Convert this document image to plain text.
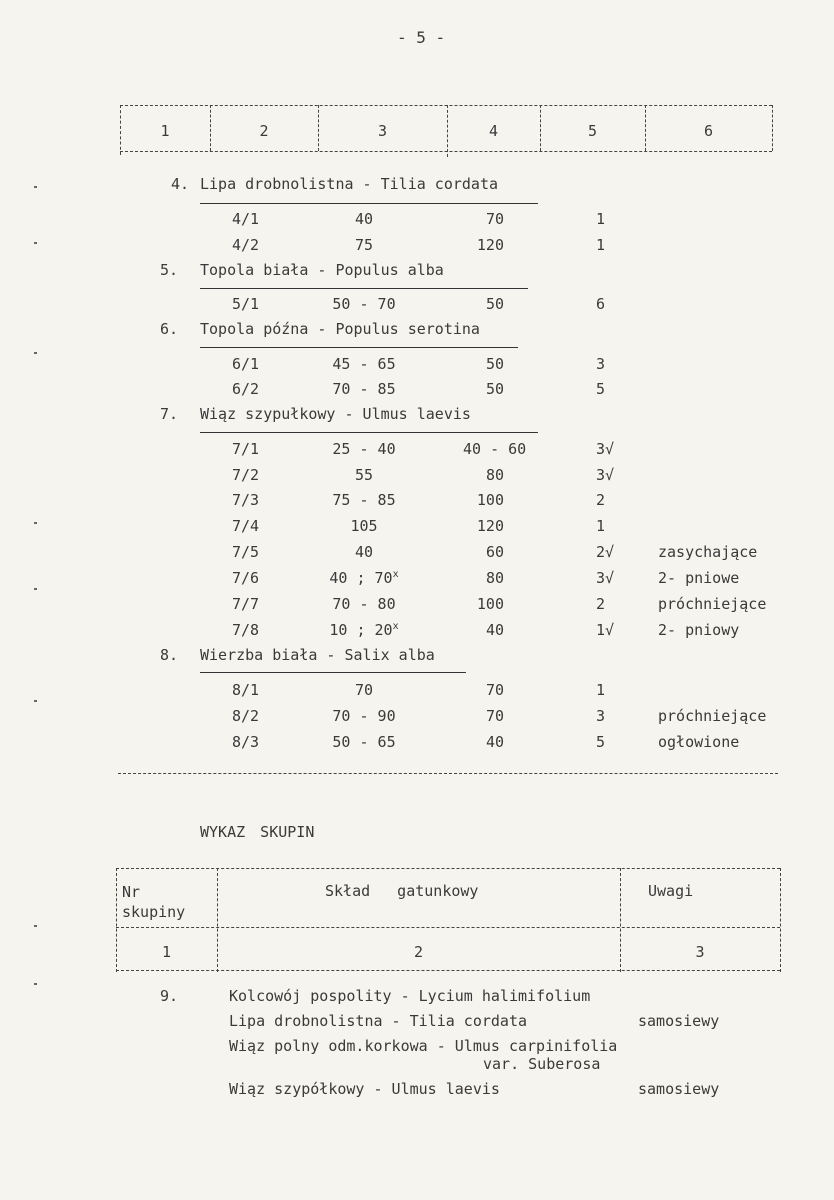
- 5 -
1	2	3	4	5	6
4. Lipa drobnolistna - Tilia cordata
4/1	40	70	1
4/2	75	120	1
5. Topola biała - Populus alba
5/1	50 - 70	50	6
6. Topola późna - Populus serotina
6/1	45 - 65	50	3
6/2	70 - 85	50	5
7. Wiąz szypułkowy - Ulmus laevis
7/1	25 - 40	40 - 60	3√
7/2	55	80	3√
7/3	75 - 85	100	2
7/4	105	120	1
7/5	40	60	2√	zasychające
7/6	40 ; 70$^x$	80	3√	2- pniowe
7/7	70 - 80	100	2	próchniejące
7/8	10 ; 20$^x$	40	1√	2- pniowy
8. Wierzba biała - Salix alba
8/1	70	70	1
8/2	70 - 90	70	3	próchniejące
8/3	50 - 65	40	5	ogłowione
WYKAZ SKUPIN
Nr
skupiny
Skład gatunkowy	Uwagi
1	2	3
9.	Kolcowój pospolity - Lycium halimifolium
Lipa drobnolistna - Tilia cordata	samosiewy
Wiąz polny odm.korkowa - Ulmus carpinifolia
var. Suberosa
Wiąz szypółkowy - Ulmus laevis	samosiewy
